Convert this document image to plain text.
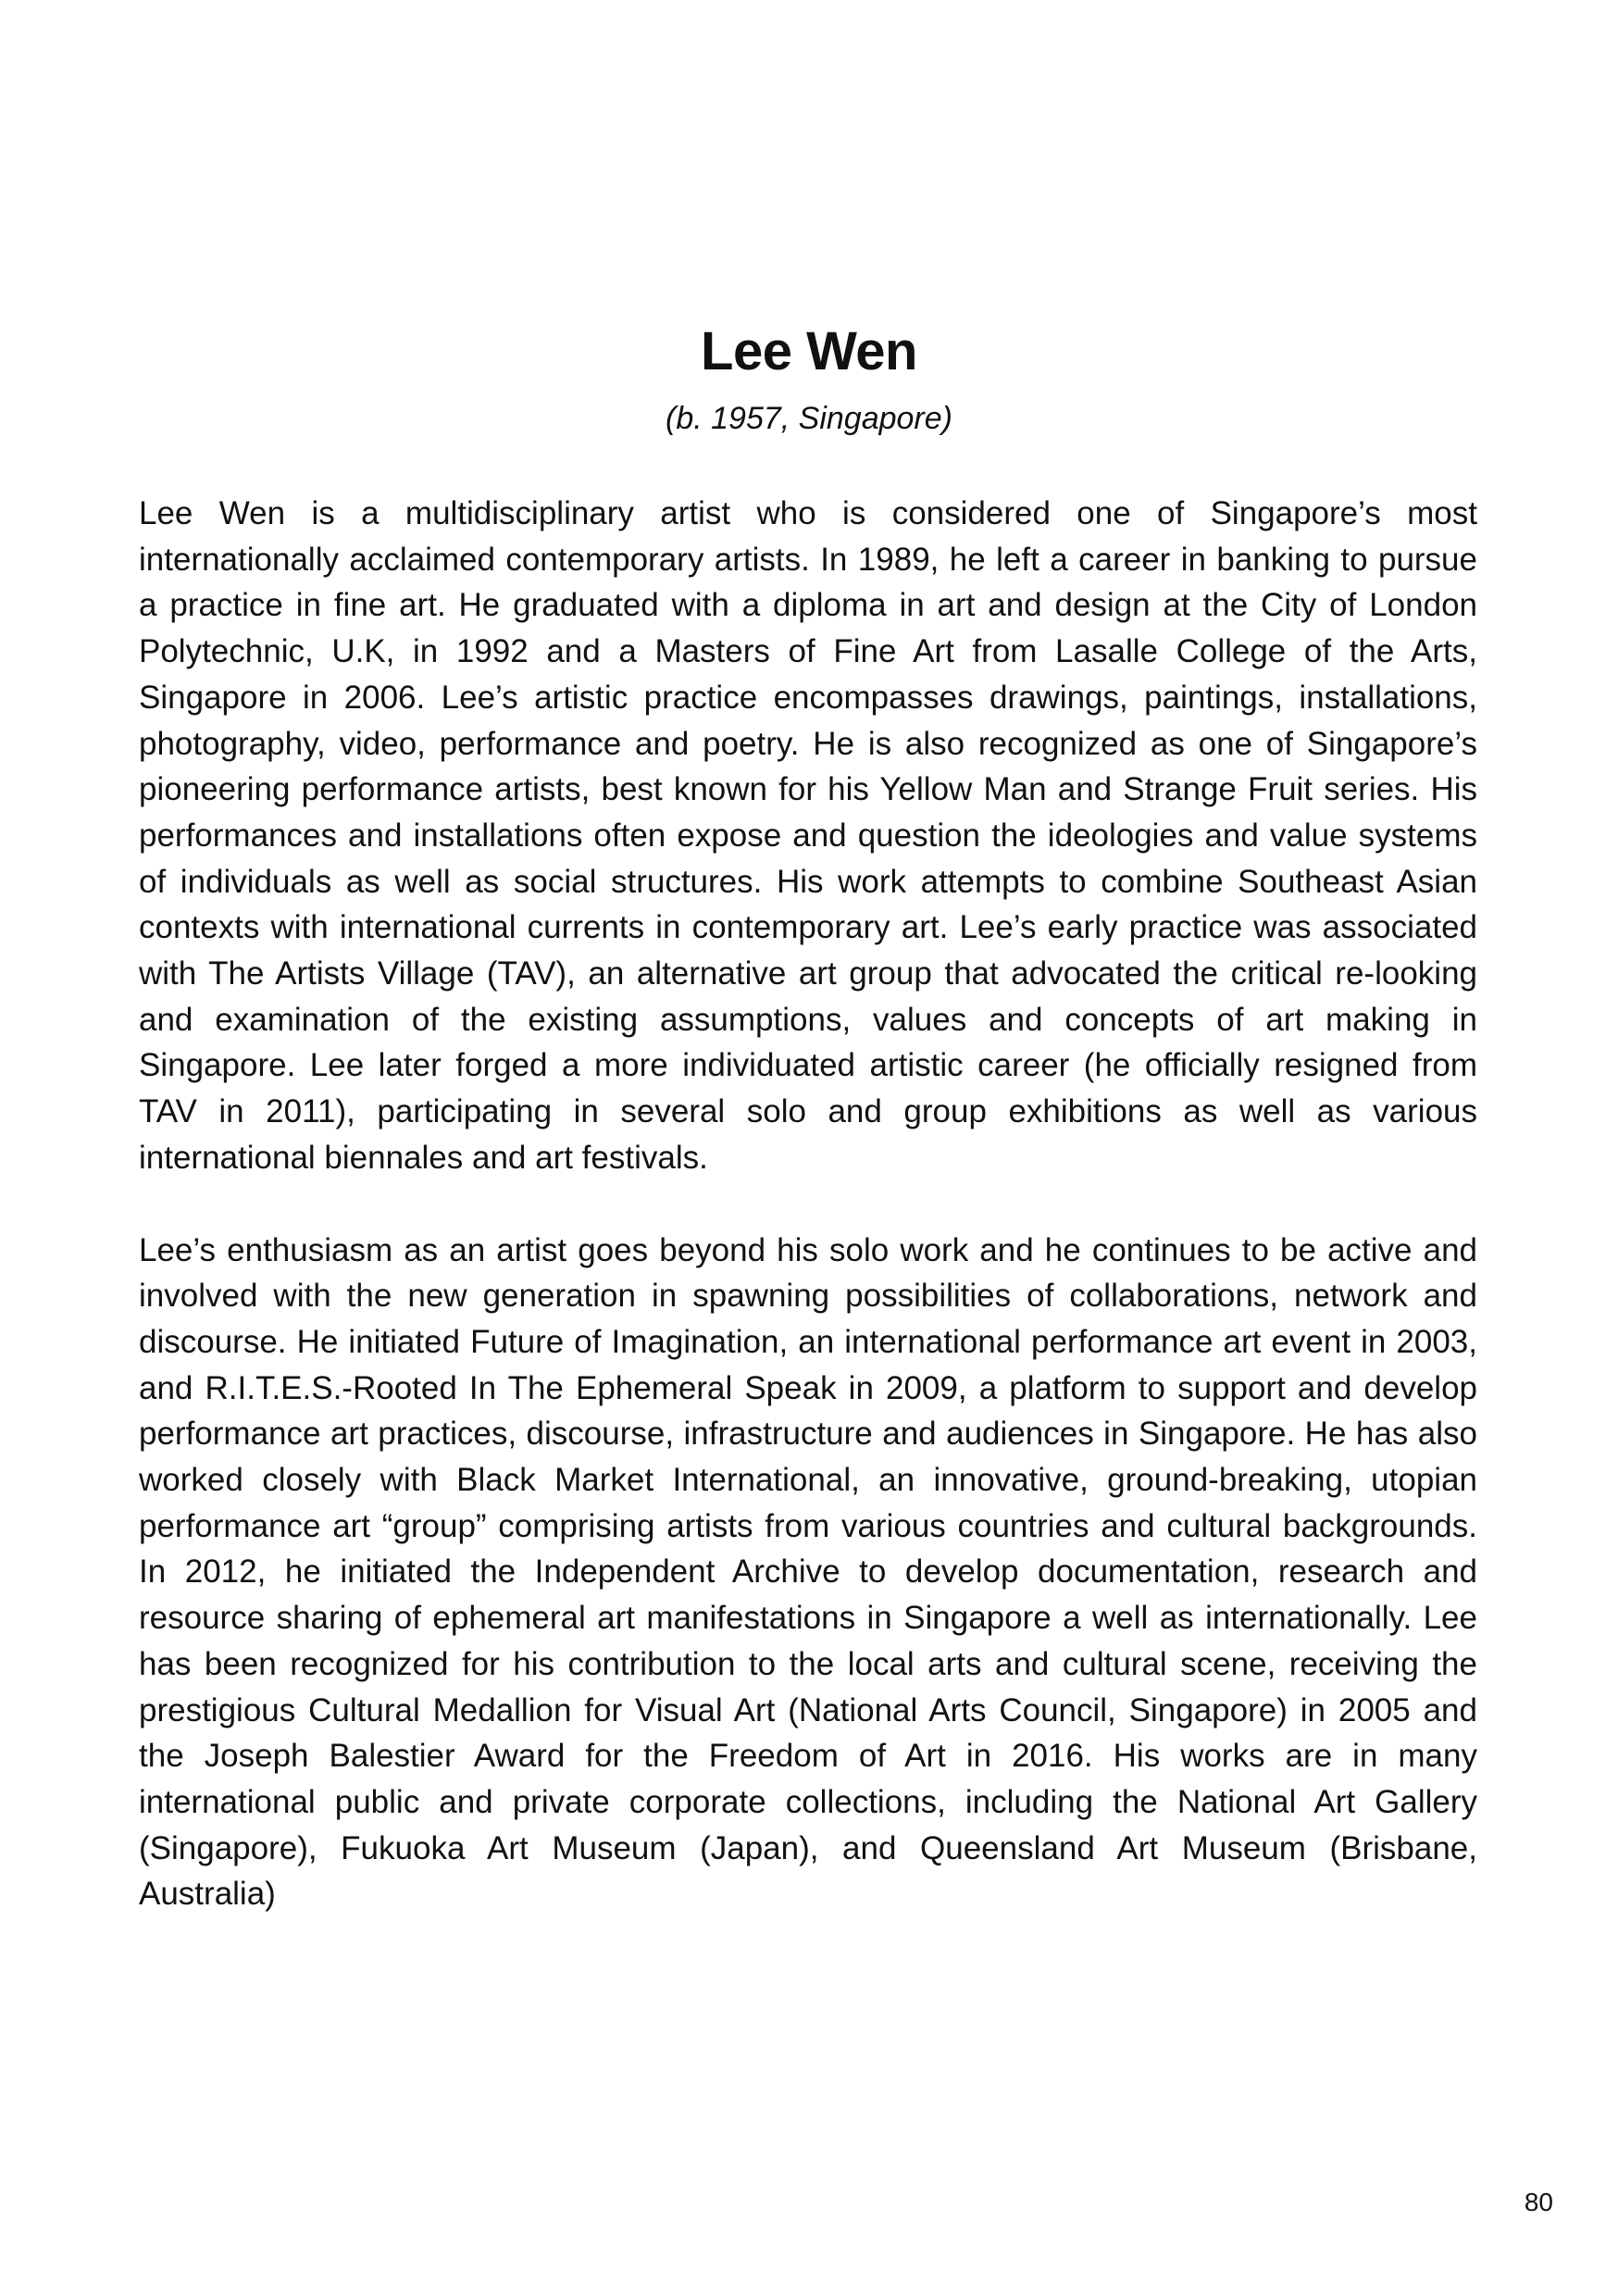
Lee Wen

(b. 1957, Singapore)

Lee Wen is a multidisciplinary artist who is considered one of Singapore’s most internationally acclaimed contemporary artists. In 1989, he left a career in banking to pursue a practice in fine art. He graduated with a diploma in art and design at the City of London Polytechnic, U.K, in 1992 and a Masters of Fine Art from Lasalle College of the Arts, Singapore in 2006. Lee’s artistic practice encompasses drawings, paintings, installations, photography, video, performance and poetry. He is also recognized as one of Singapore’s pioneering performance artists, best known for his Yellow Man and Strange Fruit series. His performances and installations often expose and question the ideologies and value systems of individuals as well as social structures. His work attempts to combine Southeast Asian contexts with international currents in contemporary art. Lee’s early practice was associated with The Artists Village (TAV), an alternative art group that advocated the critical re-looking and examination of the existing assumptions, values and concepts of art making in Singapore. Lee later forged a more individuated artistic career (he officially resigned from TAV in 2011), participating in several solo and group exhibitions as well as various international biennales and art festivals.

Lee’s enthusiasm as an artist goes beyond his solo work and he continues to be active and involved with the new generation in spawning possibilities of collaborations, network and discourse. He initiated Future of Imagination, an international performance art event in 2003, and R.I.T.E.S.-Rooted In The Ephemeral Speak in 2009, a platform to support and develop performance art practices, discourse, infrastructure and audiences in Singapore. He has also worked closely with Black Market International, an innovative, ground-breaking, utopian performance art “group” comprising artists from various countries and cultural backgrounds. In 2012, he initiated the Independent Archive to develop documentation, research and resource sharing of ephemeral art manifestations in Singapore a well as internationally. Lee has been recognized for his contribution to the local arts and cultural scene, receiving the prestigious Cultural Medallion for Visual Art (National Arts Council, Singapore) in 2005 and the Joseph Balestier Award for the Freedom of Art in 2016. His works are in many international public and private corporate collections, including the National Art Gallery (Singapore), Fukuoka Art Museum (Japan), and Queensland Art Museum (Brisbane, Australia)

80
